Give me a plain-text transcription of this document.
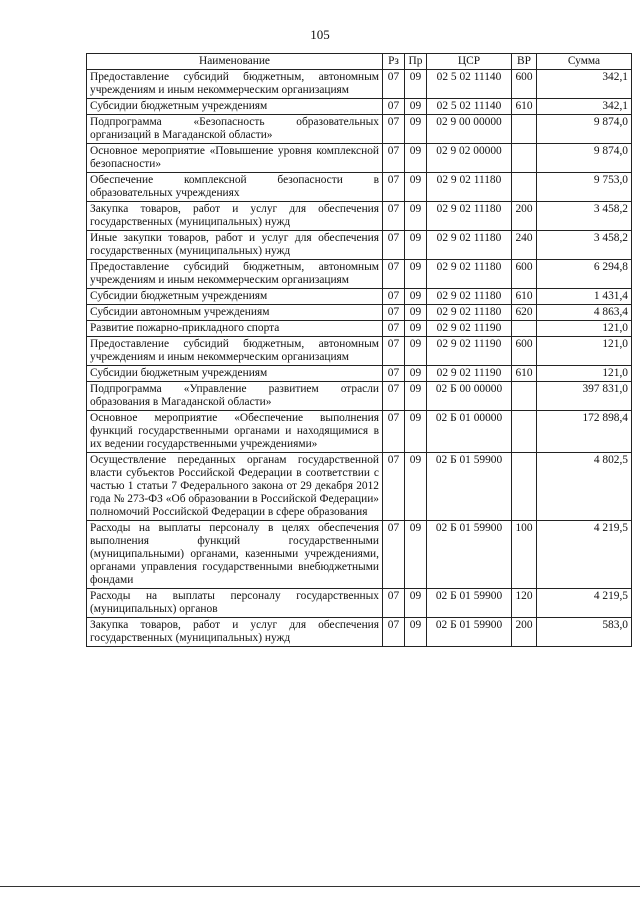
105
Наименование	Рз	Пр	ЦСР	ВР	Сумма
Предоставление субсидий бюджетным, автономным учреждениям и иным некоммерческим организациям	07	09	02 5 02 11140	600	342,1
Субсидии бюджетным учреждениям	07	09	02 5 02 11140	610	342,1
Подпрограмма «Безопасность образовательных организаций в Магаданской области»	07	09	02 9 00 00000		9 874,0
Основное мероприятие «Повышение уровня комплексной безопасности»	07	09	02 9 02 00000		9 874,0
Обеспечение комплексной безопасности в образовательных учреждениях	07	09	02 9 02 11180		9 753,0
Закупка товаров, работ и услуг для обеспечения государственных (муниципальных) нужд	07	09	02 9 02 11180	200	3 458,2
Иные закупки товаров, работ и услуг для обеспечения государственных (муниципальных) нужд	07	09	02 9 02 11180	240	3 458,2
Предоставление субсидий бюджетным, автономным учреждениям и иным некоммерческим организациям	07	09	02 9 02 11180	600	6 294,8
Субсидии бюджетным учреждениям	07	09	02 9 02 11180	610	1 431,4
Субсидии автономным учреждениям	07	09	02 9 02 11180	620	4 863,4
Развитие пожарно-прикладного спорта	07	09	02 9 02 11190		121,0
Предоставление субсидий бюджетным, автономным учреждениям и иным некоммерческим организациям	07	09	02 9 02 11190	600	121,0
Субсидии бюджетным учреждениям	07	09	02 9 02 11190	610	121,0
Подпрограмма «Управление развитием отрасли образования в Магаданской области»	07	09	02 Б 00 00000		397 831,0
Основное мероприятие «Обеспечение выполнения функций государственными органами и находящимися в их ведении государственными учреждениями»	07	09	02 Б 01 00000		172 898,4
Осуществление переданных органам государственной власти субъектов Российской Федерации в соответствии с частью 1 статьи 7 Федерального закона от 29 декабря 2012 года № 273-ФЗ «Об образовании в Российской Федерации» полномочий Российской Федерации в сфере образования	07	09	02 Б 01 59900		4 802,5
Расходы на выплаты персоналу в целях обеспечения выполнения функций государственными (муниципальными) органами, казенными учреждениями, органами управления государственными внебюджетными фондами	07	09	02 Б 01 59900	100	4 219,5
Расходы на выплаты персоналу государственных (муниципальных) органов	07	09	02 Б 01 59900	120	4 219,5
Закупка товаров, работ и услуг для обеспечения государственных (муниципальных) нужд	07	09	02 Б 01 59900	200	583,0
